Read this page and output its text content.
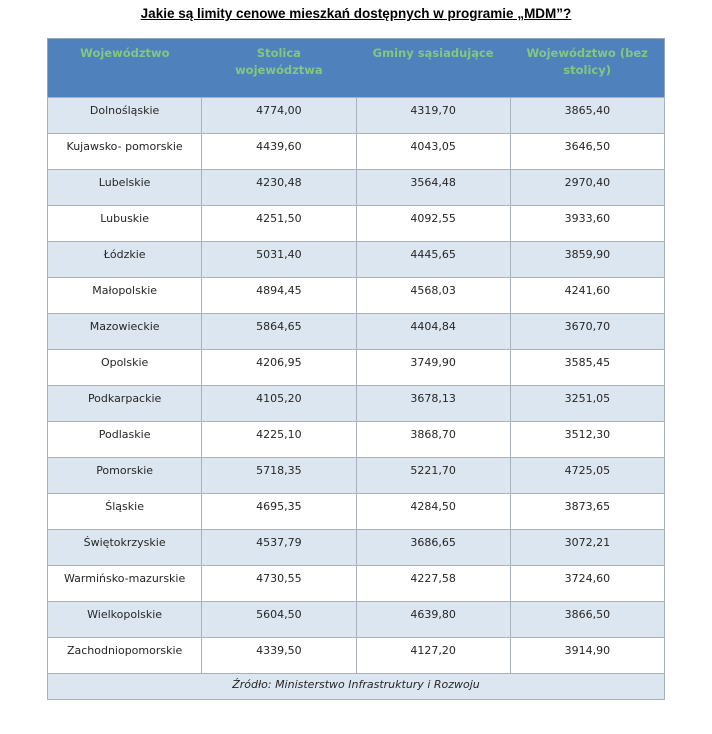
Jakie są limity cenowe mieszkań dostępnych w programie „MDM”?
Województwo	Stolica województwa	Gminy sąsiadujące	Województwo (bez stolicy)
Dolnośląskie	4774,00	4319,70	3865,40
Kujawsko- pomorskie	4439,60	4043,05	3646,50
Lubelskie	4230,48	3564,48	2970,40
Lubuskie	4251,50	4092,55	3933,60
Łódzkie	5031,40	4445,65	3859,90
Małopolskie	4894,45	4568,03	4241,60
Mazowieckie	5864,65	4404,84	3670,70
Opolskie	4206,95	3749,90	3585,45
Podkarpackie	4105,20	3678,13	3251,05
Podlaskie	4225,10	3868,70	3512,30
Pomorskie	5718,35	5221,70	4725,05
Śląskie	4695,35	4284,50	3873,65
Świętokrzyskie	4537,79	3686,65	3072,21
Warmińsko-mazurskie	4730,55	4227,58	3724,60
Wielkopolskie	5604,50	4639,80	3866,50
Zachodniopomorskie	4339,50	4127,20	3914,90
Źródło: Ministerstwo Infrastruktury i Rozwoju			
